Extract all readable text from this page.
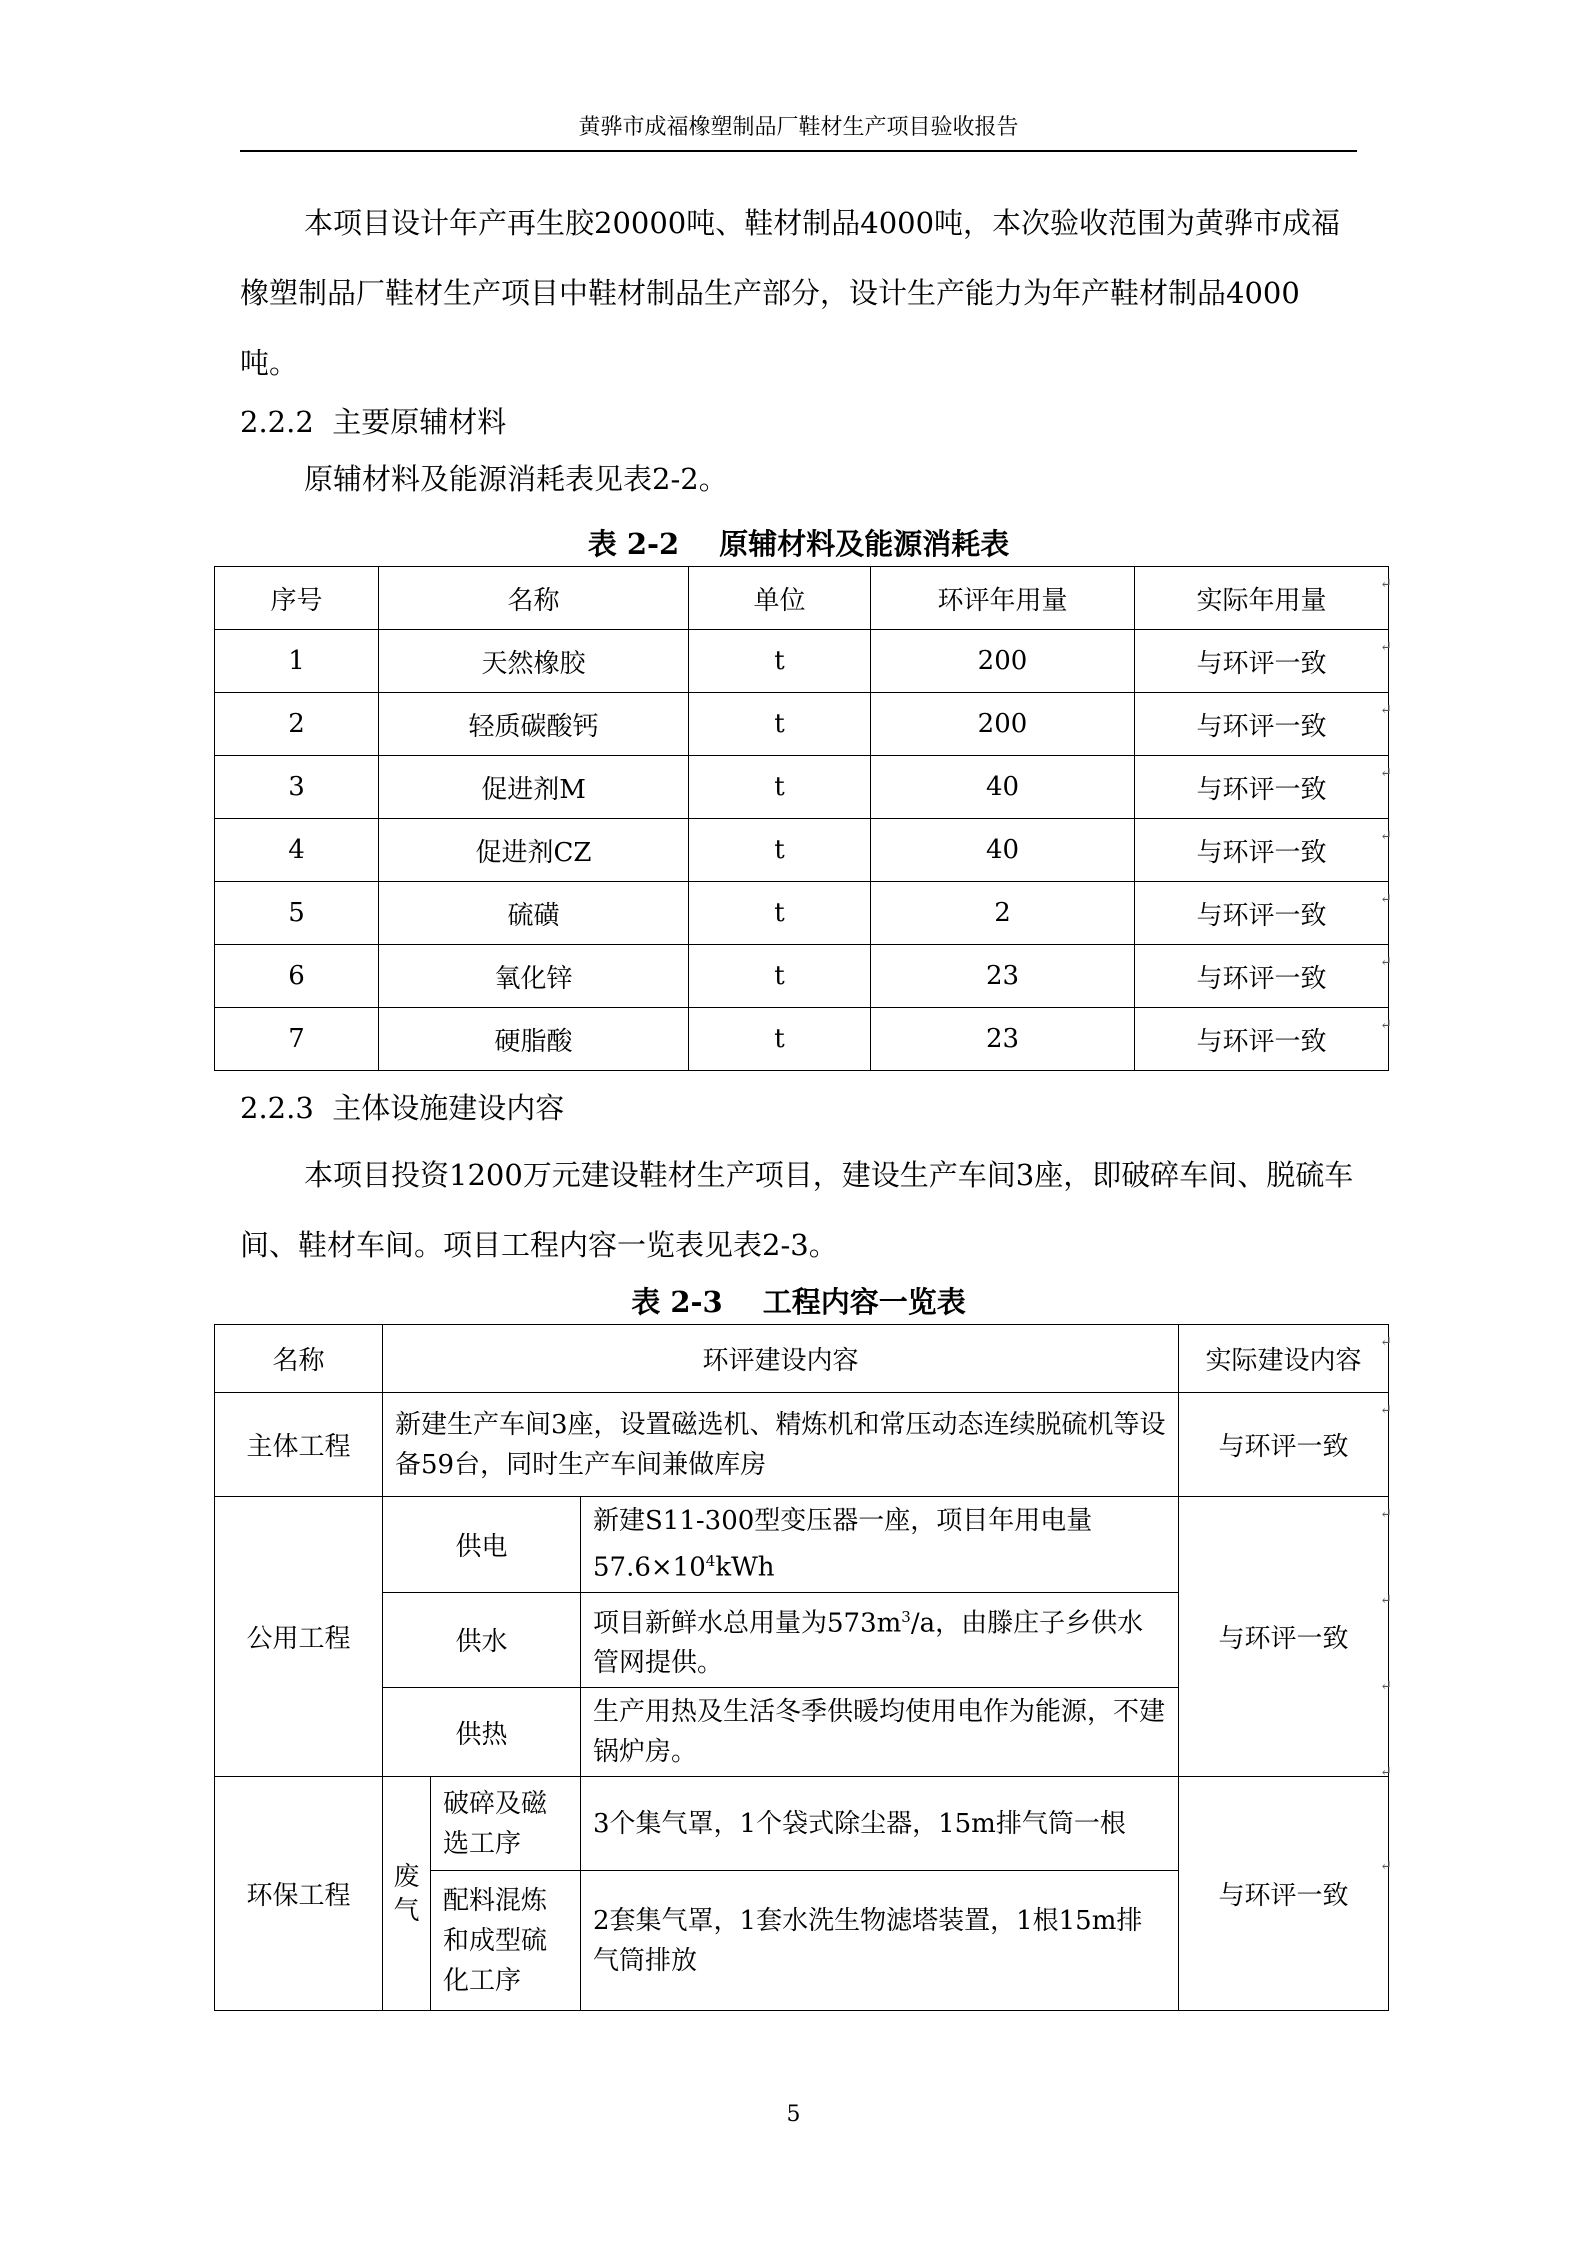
黄骅市成福橡塑制品厂鞋材生产项目验收报告

本项目设计年产再生胶20000吨、鞋材制品4000吨，本次验收范围为黄骅市成福橡塑制品厂鞋材生产项目中鞋材制品生产部分，设计生产能力为年产鞋材制品4000吨。

2.2.2 主要原辅材料

原辅材料及能源消耗表见表2-2。

表 2-2 原辅材料及能源消耗表

序号	名称	单位	环评年用量	实际年用量
1	天然橡胶	t	200	与环评一致
2	轻质碳酸钙	t	200	与环评一致
3	促进剂M	t	40	与环评一致
4	促进剂CZ	t	40	与环评一致
5	硫磺	t	2	与环评一致
6	氧化锌	t	23	与环评一致
7	硬脂酸	t	23	与环评一致

2.2.3 主体设施建设内容

本项目投资1200万元建设鞋材生产项目，建设生产车间3座，即破碎车间、脱硫车间、鞋材车间。项目工程内容一览表见表2-3。

表 2-3 工程内容一览表

名称	环评建设内容			实际建设内容
主体工程	新建生产车间3座，设置磁选机、精炼机和常压动态连续脱硫机等设备59台，同时生产车间兼做库房			与环评一致
公用工程	供电		新建S11-300型变压器一座，项目年用电量$57.6\times 10^4kWh$	与环评一致
	供水		项目新鲜水总用量为$573m^3/a$，由滕庄子乡供水管网提供。	
	供热		生产用热及生活冬季供暖均使用电作为能源，不建锅炉房。	
环保工程	废气	破碎及磁选工序	3个集气罩，1个袋式除尘器，15m排气筒一根	与环评一致
		配料混炼和成型硫化工序	2套集气罩，1套水洗生物滤塔装置，1根15m排气筒排放	
↵
↵
↵
↵
↵
↵
↵
↵
↵
↵
↵
↵
↵
↵
↵
5
